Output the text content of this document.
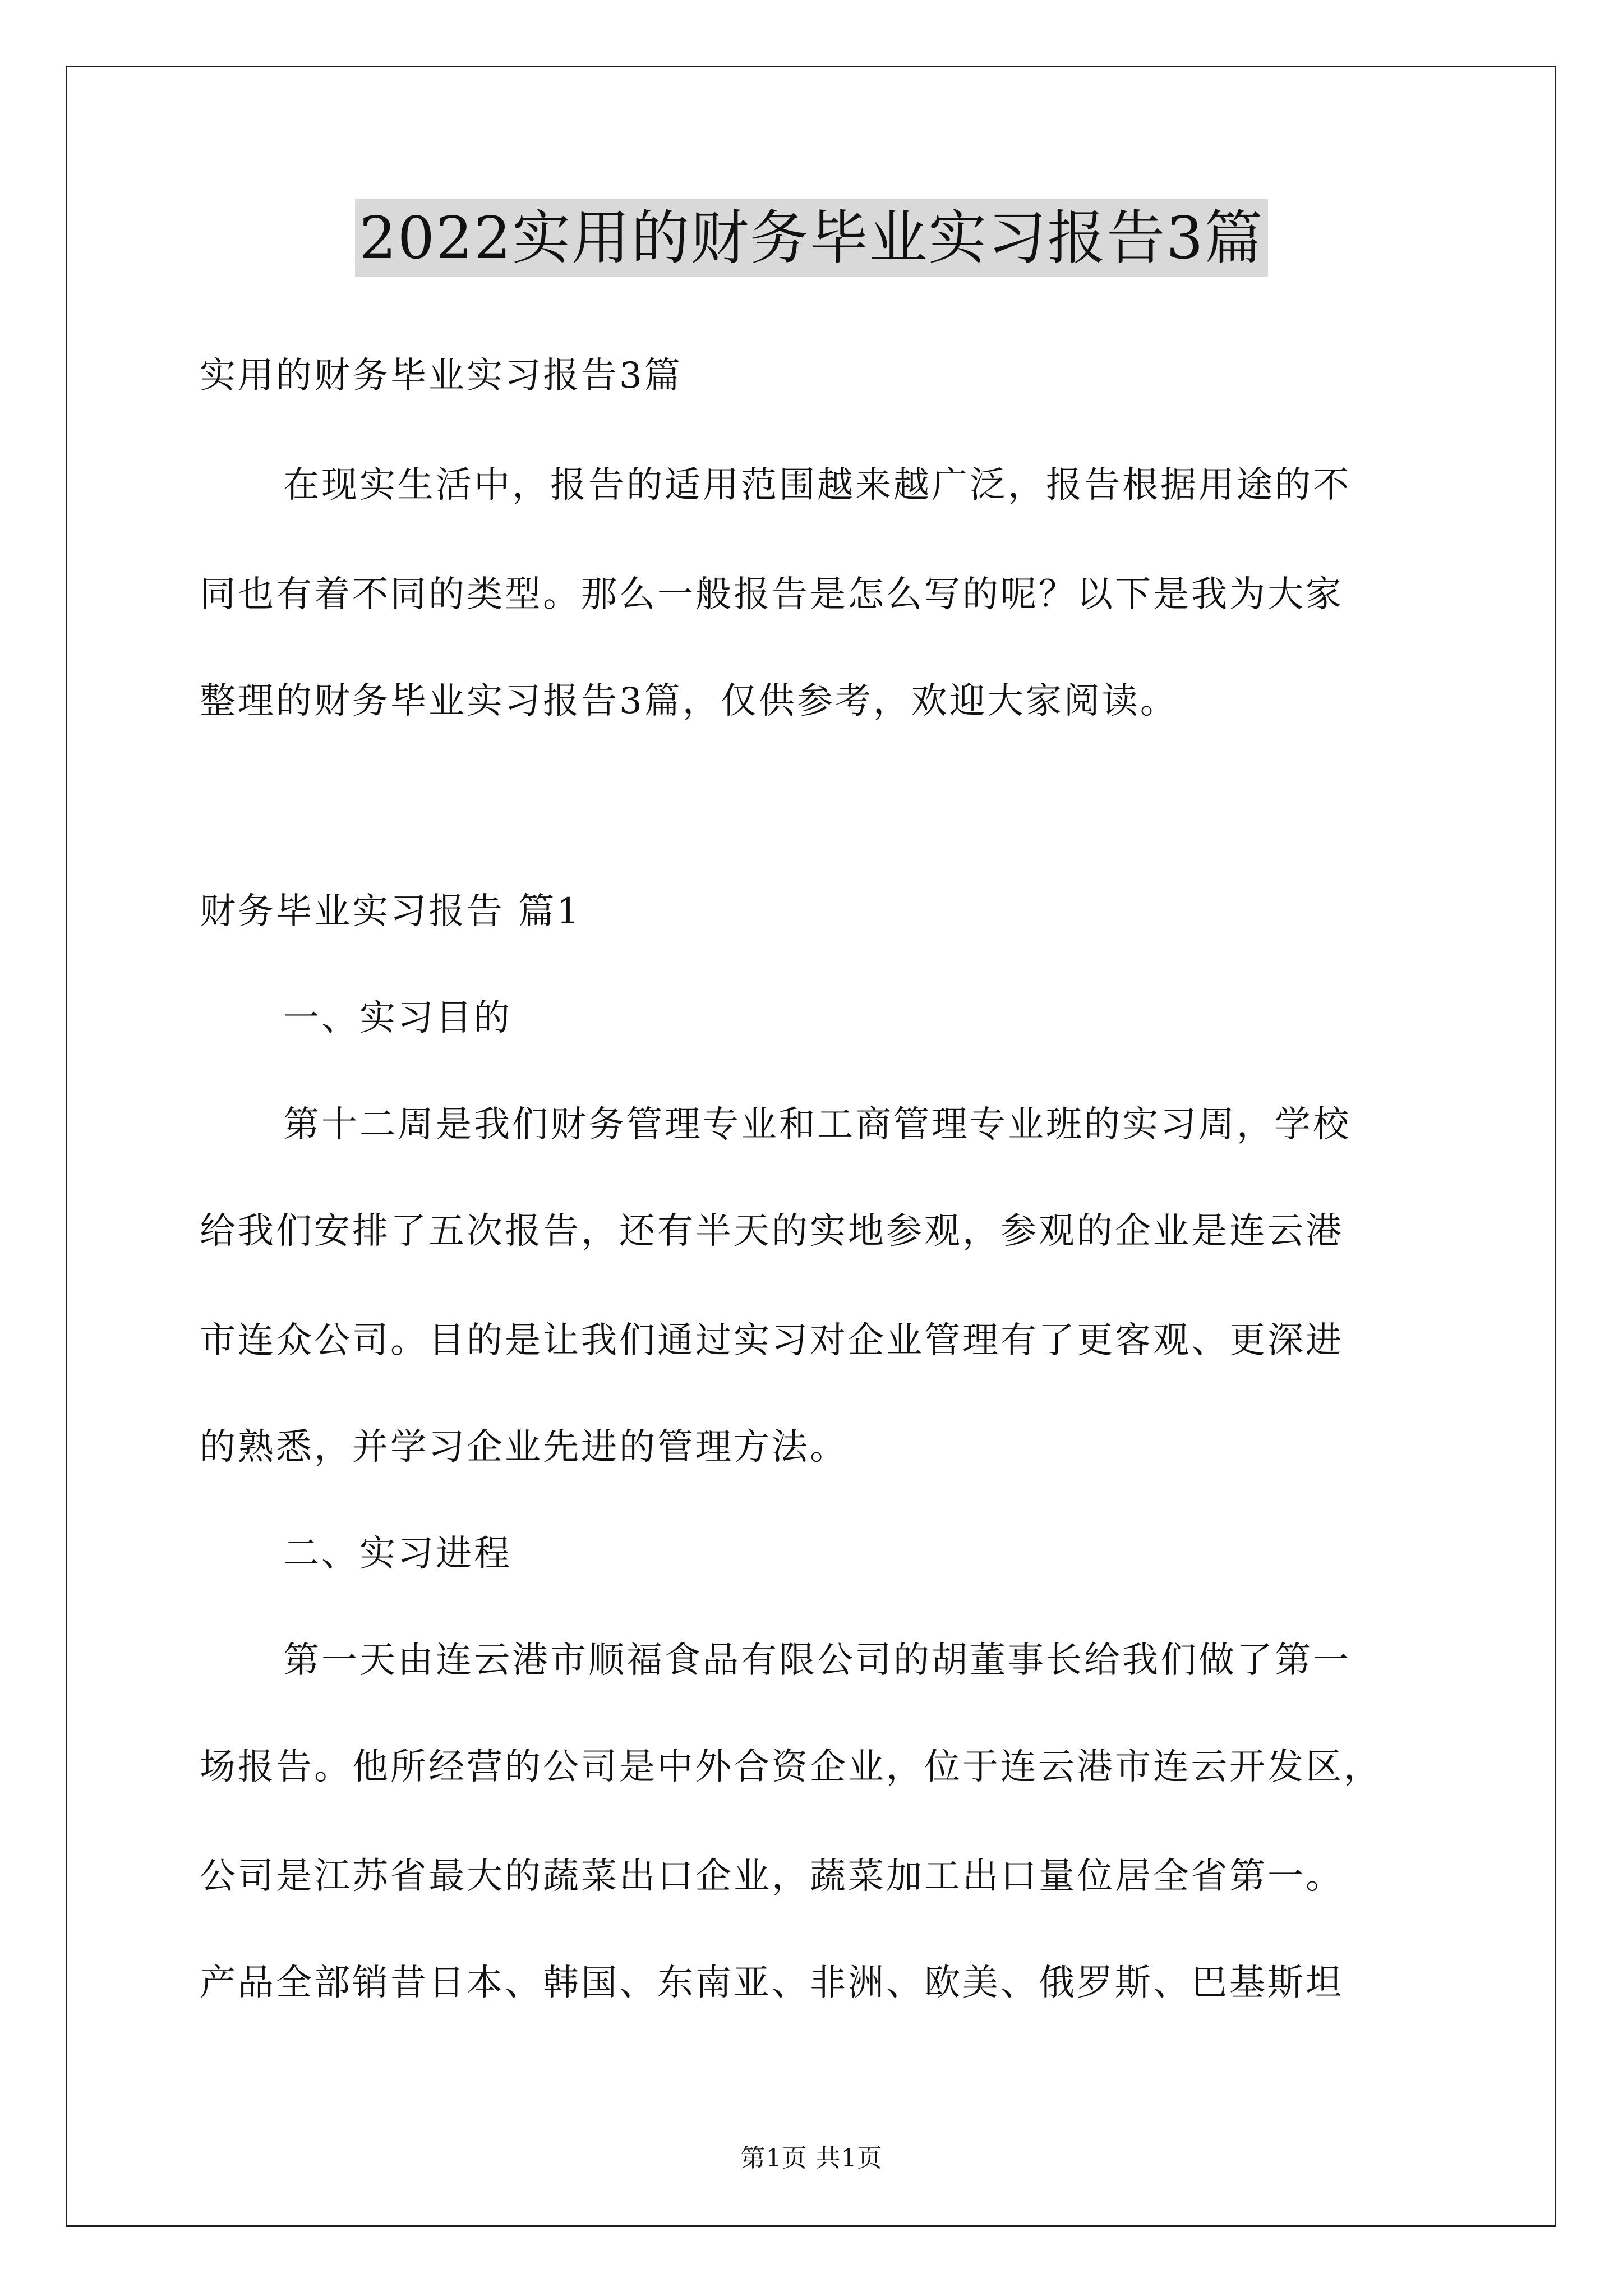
2022实用的财务毕业实习报告3篇
实用的财务毕业实习报告3篇
在现实生活中，报告的适用范围越来越广泛，报告根据用途的不
同也有着不同的类型。那么一般报告是怎么写的呢？以下是我为大家
整理的财务毕业实习报告3篇，仅供参考，欢迎大家阅读。
财务毕业实习报告 篇1
一、实习目的
第十二周是我们财务管理专业和工商管理专业班的实习周，学校
给我们安排了五次报告，还有半天的实地参观，参观的企业是连云港
市连众公司。目的是让我们通过实习对企业管理有了更客观、更深进
的熟悉，并学习企业先进的管理方法。
二、实习进程
第一天由连云港市顺福食品有限公司的胡董事长给我们做了第一
场报告。他所经营的公司是中外合资企业，位于连云港市连云开发区，
公司是江苏省最大的蔬菜出口企业，蔬菜加工出口量位居全省第一。
产品全部销昔日本、韩国、东南亚、非洲、欧美、俄罗斯、巴基斯坦
第1页 共1页
